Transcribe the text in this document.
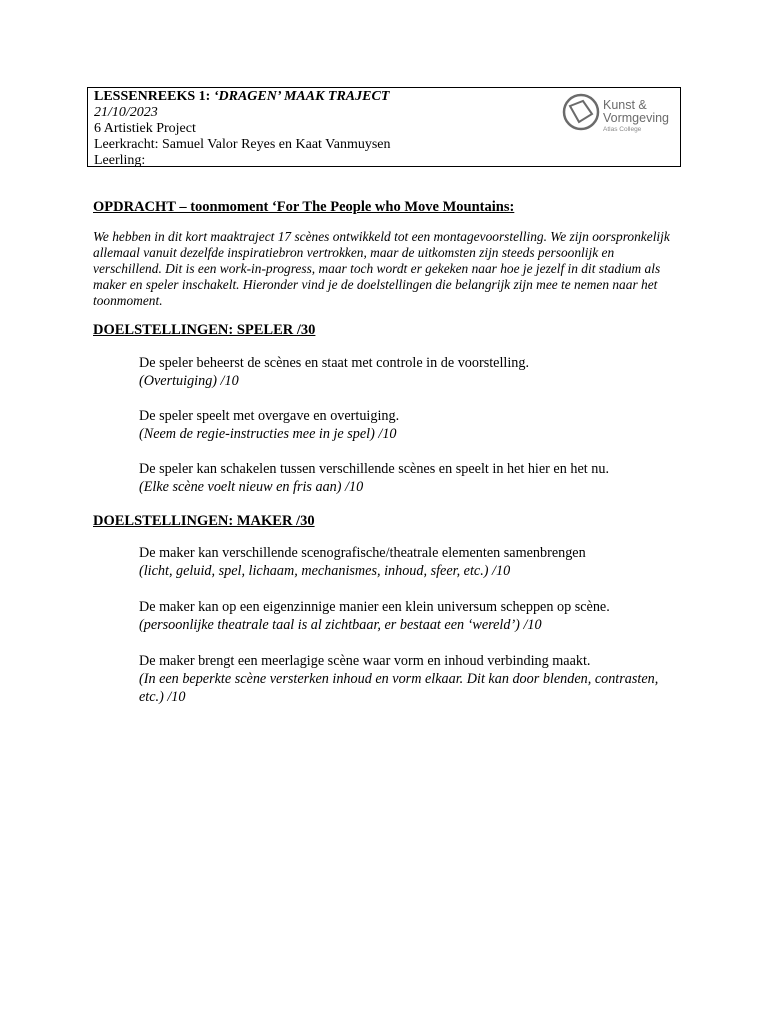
LESSENREEKS 1: ‘DRAGEN’ MAAK TRAJECT
21/10/2023
6 Artistiek Project
Leerkracht: Samuel Valor Reyes en Kaat Vanmuysen
Leerling:
Kunst &
Vormgeving
Atlas College
OPDRACHT – toonmoment ‘For The People who Move Mountains:
We hebben in dit kort maaktraject 17 scènes ontwikkeld tot een montagevoorstelling. We zijn oorspronkelijk allemaal vanuit dezelfde inspiratiebron vertrokken, maar de uitkomsten zijn steeds persoonlijk en verschillend. Dit is een work-in-progress, maar toch wordt er gekeken naar hoe je jezelf in dit stadium als maker en speler inschakelt. Hieronder vind je de doelstellingen die belangrijk zijn mee te nemen naar het toonmoment.
DOELSTELLINGEN: SPELER /30
De speler beheerst de scènes en staat met controle in de voorstelling.
(Overtuiging) /10
De speler speelt met overgave en overtuiging.
(Neem de regie-instructies mee in je spel) /10
De speler kan schakelen tussen verschillende scènes en speelt in het hier en het nu.
(Elke scène voelt nieuw en fris aan) /10
DOELSTELLINGEN: MAKER /30
De maker kan verschillende scenografische/theatrale elementen samenbrengen
(licht, geluid, spel, lichaam, mechanismes, inhoud, sfeer, etc.) /10
De maker kan op een eigenzinnige manier een klein universum scheppen op scène.
(persoonlijke theatrale taal is al zichtbaar, er bestaat een ‘wereld’) /10
De maker brengt een meerlagige scène waar vorm en inhoud verbinding maakt.
(In een beperkte scène versterken inhoud en vorm elkaar. Dit kan door blenden, contrasten, etc.) /10
